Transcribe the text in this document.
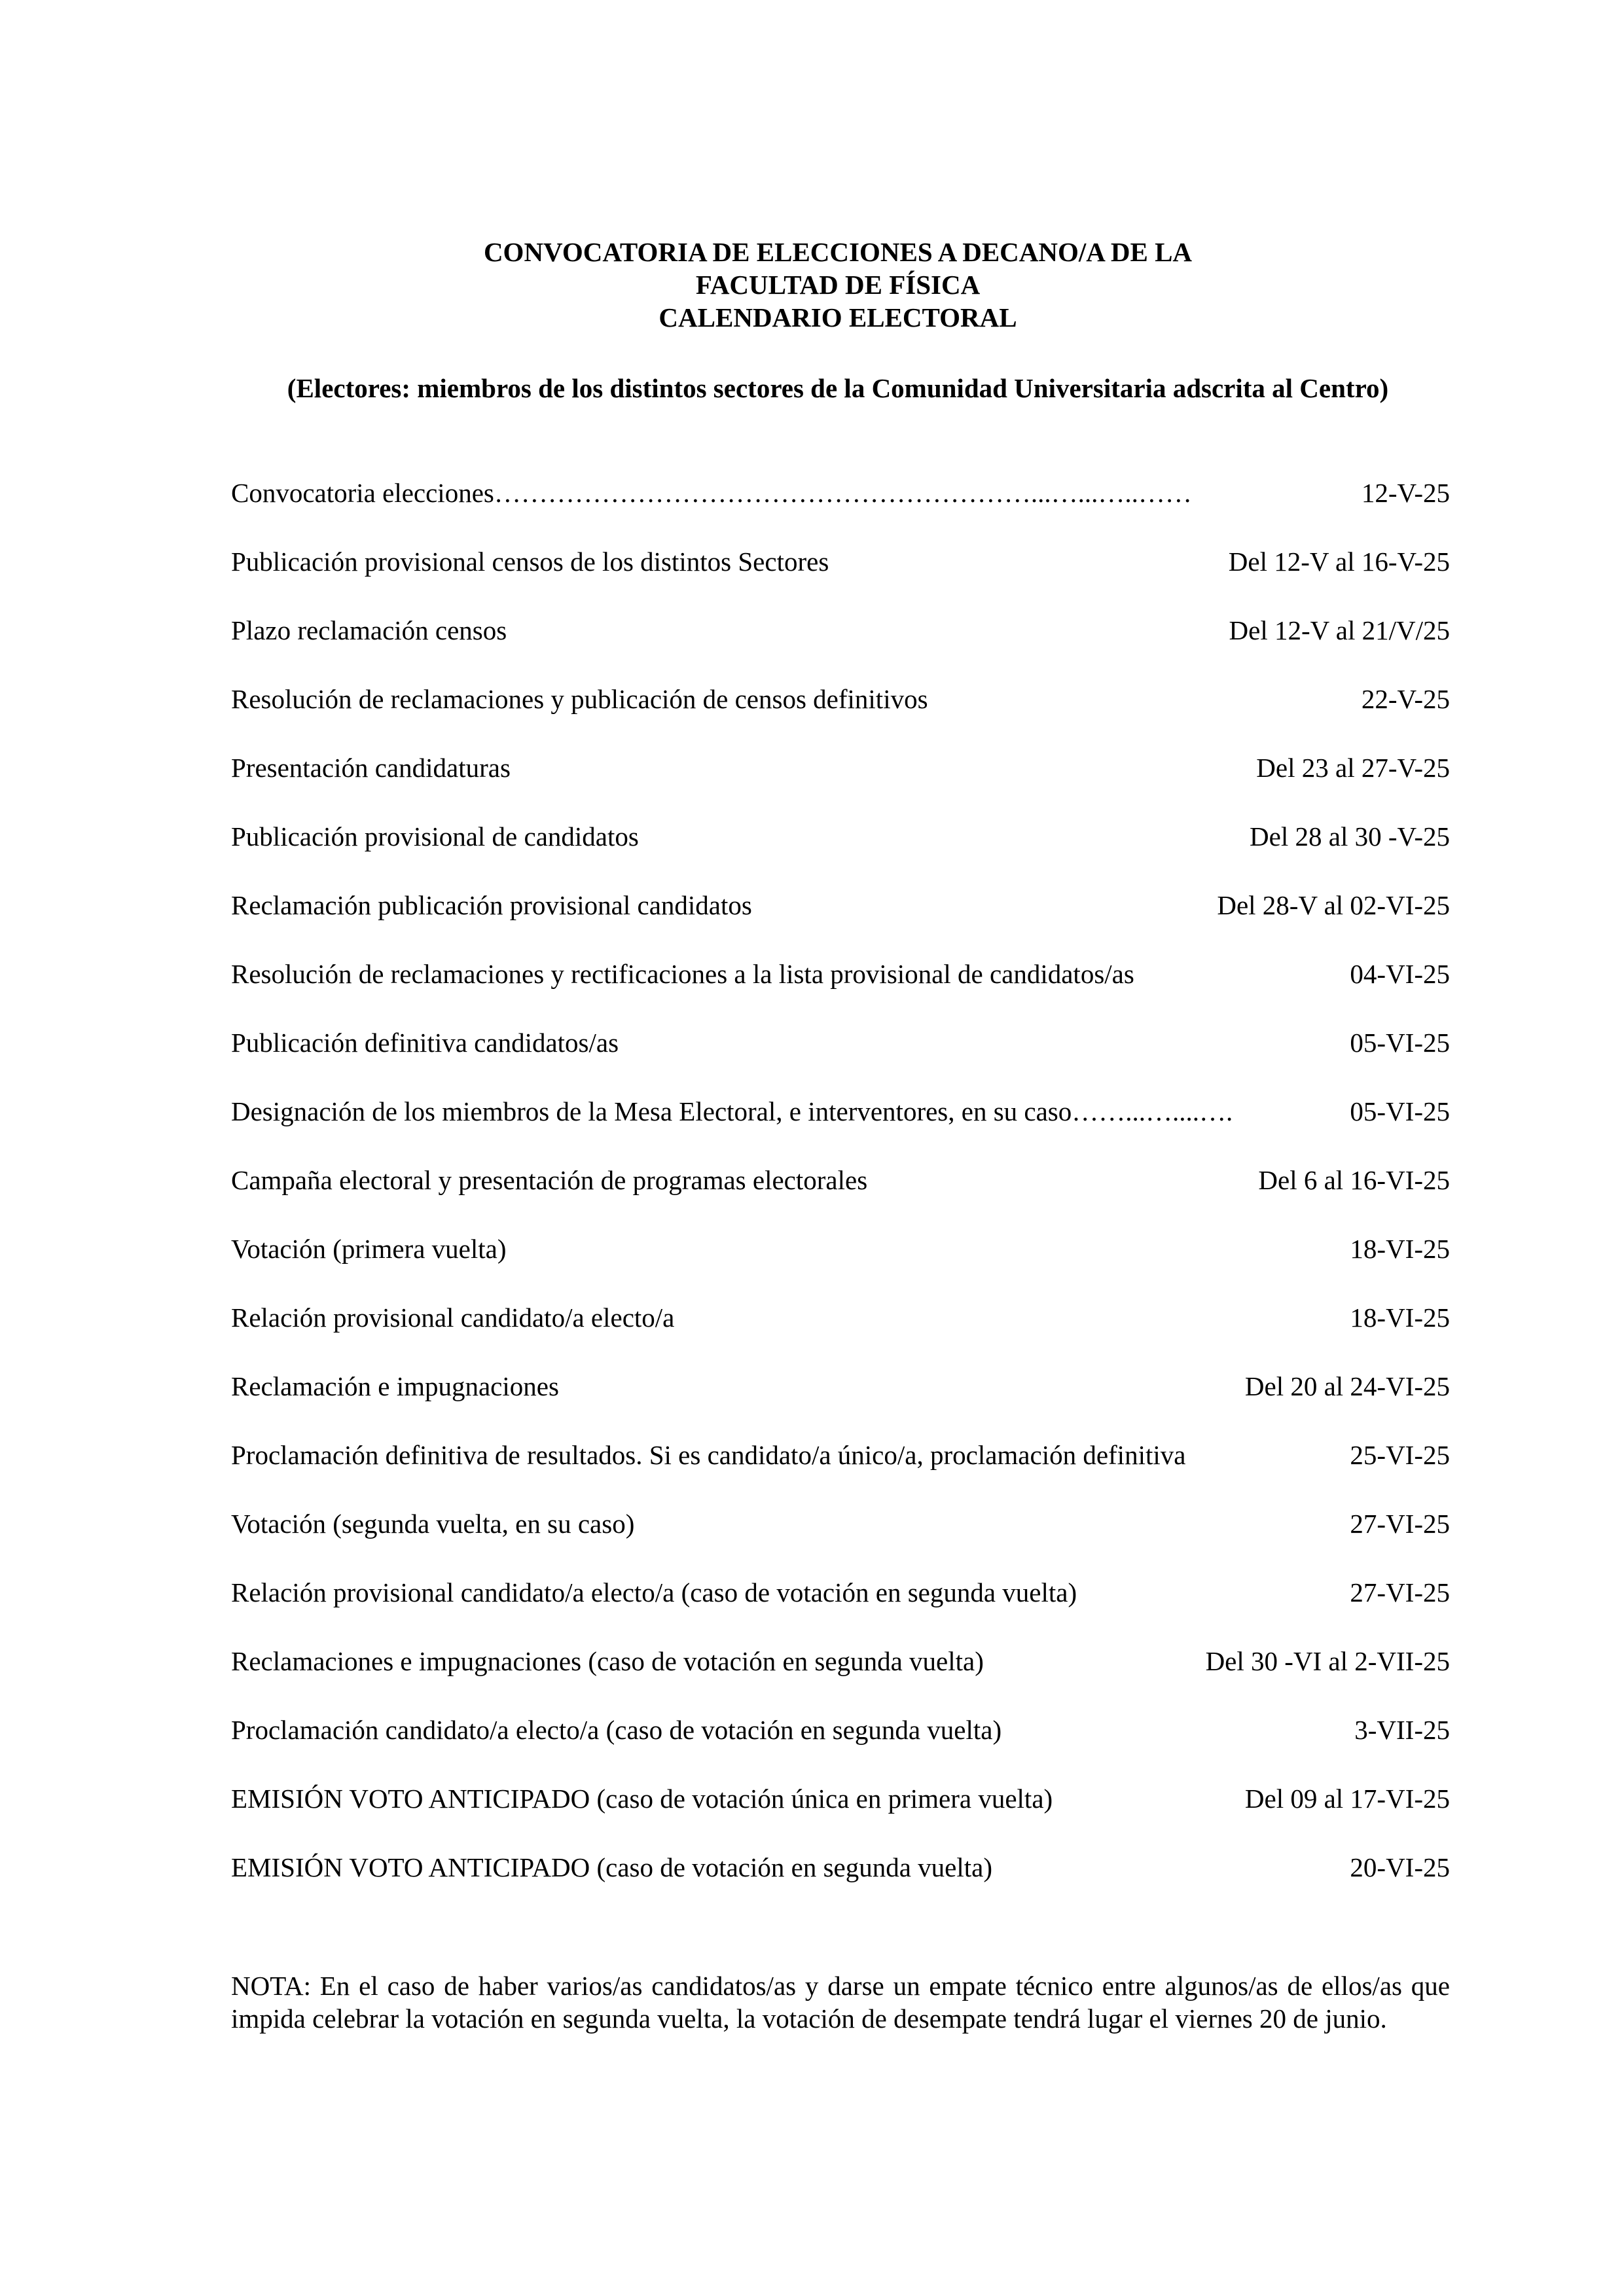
CONVOCATORIA DE ELECCIONES A DECANO/A DE LA
FACULTAD DE FÍSICA
CALENDARIO ELECTORAL
(Electores: miembros de los distintos sectores de la Comunidad Universitaria adscrita al Centro)
Convocatoria elecciones ……………………………………………………...…...…..……	12-V-25
Publicación provisional censos de los distintos Sectores	Del 12-V al 16-V-25
Plazo reclamación censos	Del 12-V al 21/V/25
Resolución de reclamaciones y publicación de censos definitivos	22-V-25
Presentación candidaturas	Del 23 al 27-V-25
Publicación provisional de candidatos	Del 28 al 30 -V-25
Reclamación publicación provisional candidatos	Del 28-V al 02-VI-25
Resolución de reclamaciones y rectificaciones a la lista provisional de candidatos/as	04-VI-25
Publicación definitiva candidatos/as	05-VI-25
Designación de los miembros de la Mesa Electoral, e interventores, en su caso ……...…....….	05-VI-25
Campaña electoral y presentación de programas electorales	Del 6 al 16-VI-25
Votación (primera vuelta)	18-VI-25
Relación provisional candidato/a electo/a	18-VI-25
Reclamación e impugnaciones	Del 20 al 24-VI-25
Proclamación definitiva de resultados. Si es candidato/a único/a, proclamación definitiva	25-VI-25
Votación (segunda vuelta, en su caso)	27-VI-25
Relación provisional candidato/a electo/a (caso de votación en segunda vuelta)	27-VI-25
Reclamaciones e impugnaciones (caso de votación en segunda vuelta)	Del 30 -VI al 2-VII-25
Proclamación candidato/a electo/a (caso de votación en segunda vuelta)	3-VII-25
EMISIÓN VOTO ANTICIPADO (caso de votación única en primera vuelta)	Del 09 al 17-VI-25
EMISIÓN VOTO ANTICIPADO (caso de votación en segunda vuelta)	20-VI-25

NOTA: En el caso de haber varios/as candidatos/as y darse un empate técnico entre algunos/as de ellos/as que impida celebrar la votación en segunda vuelta, la votación de desempate tendrá lugar el viernes 20 de junio.
